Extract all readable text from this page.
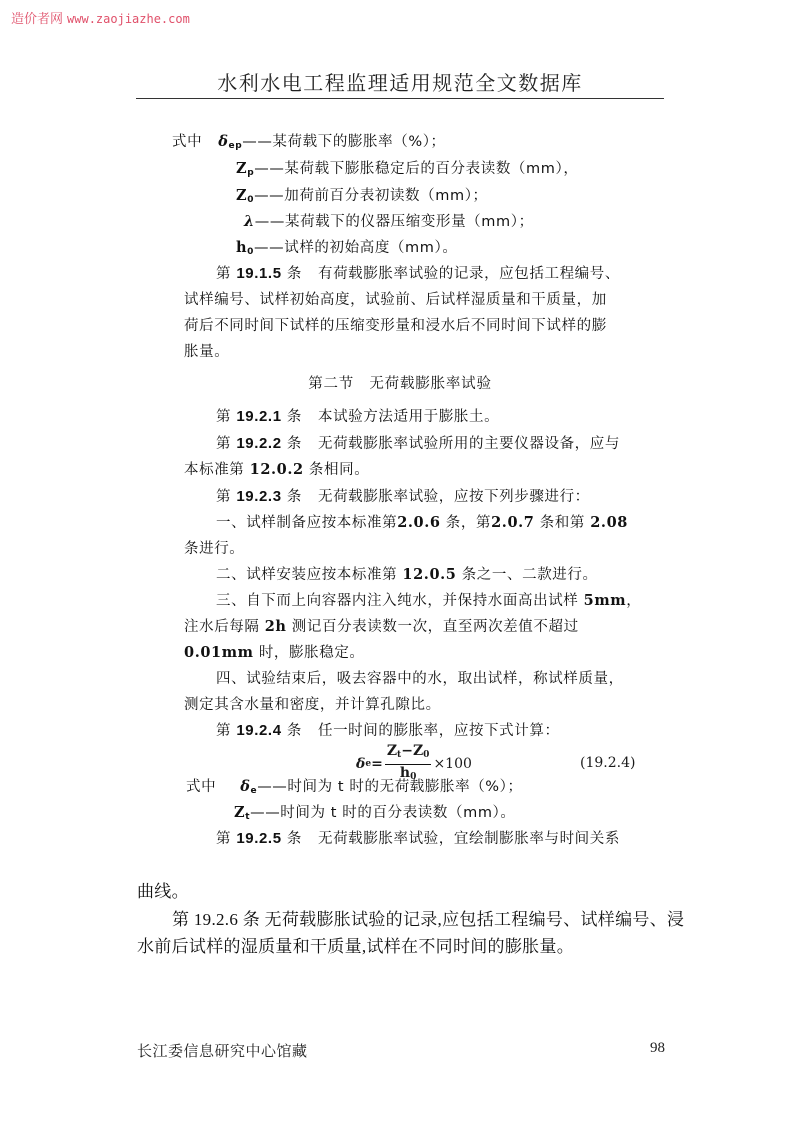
造价者网 www.zaojiazhe.com
水利水电工程监理适用规范全文数据库
式中 $\delta_{ep}——$某荷载下的膨胀率（%）；
$Z_p——$某荷载下膨胀稳定后的百分表读数（mm），
$Z_0——$加荷前百分表初读数（mm）；
λ——某荷载下的仪器压缩变形量（mm）；
$h_0——$试样的初始高度（mm）。
第 19.1.5 条 有荷载膨胀率试验的记录，应包括工程编号、
试样编号、试样初始高度，试验前、后试样湿质量和干质量，加
荷后不同时间下试样的压缩变形量和浸水后不同时间下试样的膨
胀量。
第二节　无荷载膨胀率试验
第 19.2.1 条 本试验方法适用于膨胀土。
第 19.2.2 条 无荷载膨胀率试验所用的主要仪器设备，应与
本标准第 12.0.2 条相同。
第 19.2.3 条 无荷载膨胀率试验，应按下列步骤进行：
一、试样制备应按本标准第2.0.6 条，第2.0.7 条和第 2.08
条进行。
二、试样安装应按本标准第 12.0.5 条之一、二款进行。
三、自下而上向容器内注入纯水，并保持水面高出试样 5mm，
注水后每隔 2h 测记百分表读数一次，直至两次差值不超过
0.01mm 时，膨胀稳定。
四、试验结束后，吸去容器中的水，取出试样，称试样质量，
测定其含水量和密度，并计算孔隙比。
第 19.2.4 条 任一时间的膨胀率，应按下式计算：
δ $e = \frac{Z_t-Z_0}{h_0} \times 100$	(19.2.4)
式中 $\delta_e——$时间为 t 时的无荷载膨胀率（%）；
$Z_t——$时间为 t 时的百分表读数（mm）。
第 19.2.5 条 无荷载膨胀率试验，宜绘制膨胀率与时间关系
曲线。
第 19.2.6 条 无荷载膨胀试验的记录,应包括工程编号、试样编号、浸
水前后试样的湿质量和干质量,试样在不同时间的膨胀量。
长江委信息研究中心馆藏	98
